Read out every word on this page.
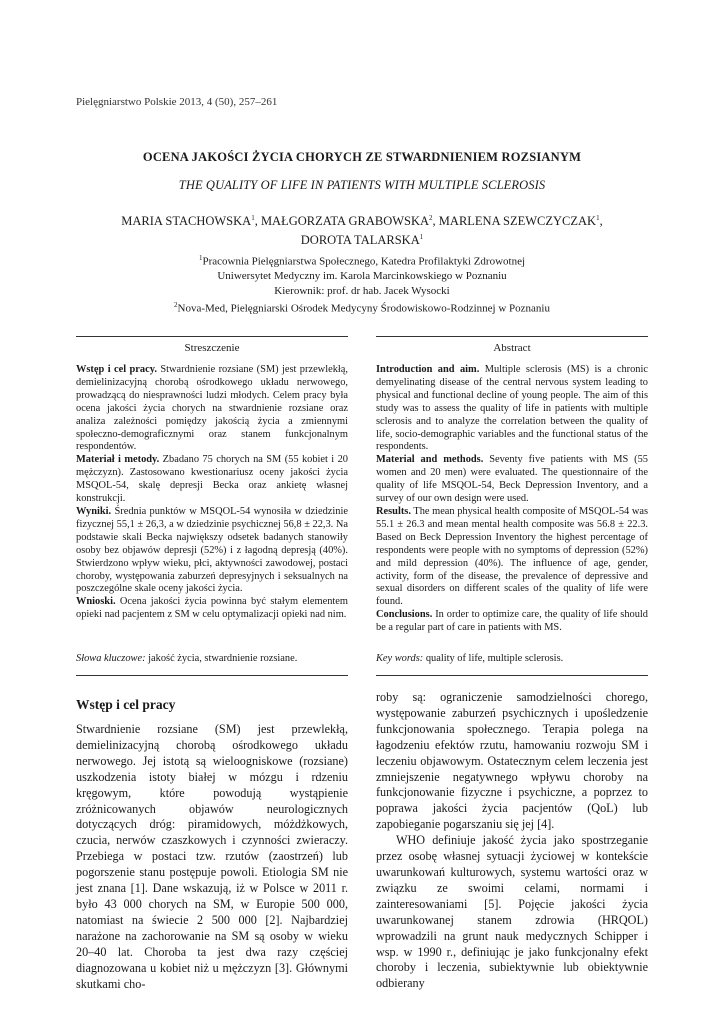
Pielęgniarstwo Polskie 2013, 4 (50), 257–261
OCENA JAKOŚCI ŻYCIA CHORYCH ZE STWARDNIENIEM ROZSIANYM
THE QUALITY OF LIFE IN PATIENTS WITH MULTIPLE SCLEROSIS
MARIA STACHOWSKA$^1$, MAŁGORZATA GRABOWSKA$^2$, MARLENA SZEWCZYCZAK$^1$,
DOROTA TALARSKA$^1$
$^1$Pracownia Pielęgniarstwa Społecznego, Katedra Profilaktyki Zdrowotnej
Uniwersytet Medyczny im. Karola Marcinkowskiego w Poznaniu
Kierownik: prof. dr hab. Jacek Wysocki
$^2$Nova-Med, Pielęgniarski Ośrodek Medycyny Środowiskowo-Rodzinnej w Poznaniu
Streszczenie	Abstract

Wstęp i cel pracy. Stwardnienie rozsiane (SM) jest przewlekłą, demielinizacyjną chorobą ośrodkowego układu nerwowego, prowadzącą do niesprawności ludzi młodych. Celem pracy była ocena jakości życia chorych na stwardnienie rozsiane oraz analiza zależności pomiędzy jakością życia a zmiennymi społeczno-demograficznymi oraz stanem funkcjonalnym respondentów.

Materiał i metody. Zbadano 75 chorych na SM (55 kobiet i 20 mężczyzn). Zastosowano kwestionariusz oceny jakości życia MSQOL-54, skalę depresji Becka oraz ankietę własnej konstrukcji.

Wyniki. Średnia punktów w MSQOL-54 wynosiła w dziedzinie fizycznej 55,1 ± 26,3, a w dziedzinie psychicznej 56,8 ± 22,3. Na podstawie skali Becka największy odsetek badanych stanowiły osoby bez objawów depresji (52%) i z łagodną depresją (40%). Stwierdzono wpływ wieku, płci, aktywności zawodowej, postaci choroby, występowania zaburzeń depresyjnych i seksualnych na poszczególne skale oceny jakości życia.

Wnioski. Ocena jakości życia powinna być stałym elementem opieki nad pacjentem z SM w celu optymalizacji opieki nad nim.

Introduction and aim. Multiple sclerosis (MS) is a chronic demyelinating disease of the central nervous system leading to physical and functional decline of young people. The aim of this study was to assess the quality of life in patients with multiple sclerosis and to analyze the correlation between the quality of life, socio-demographic variables and the functional status of the respondents.

Material and methods. Seventy five patients with MS (55 women and 20 men) were evaluated. The questionnaire of the quality of life MSQOL-54, Beck Depression Inventory, and a survey of our own design were used.

Results. The mean physical health composite of MSQOL-54 was 55.1 ± 26.3 and mean mental health composite was 56.8 ± 22.3. Based on Beck Depression Inventory the highest percentage of respondents were people with no symptoms of depression (52%) and mild depression (40%). The influence of age, gender, activity, form of the disease, the prevalence of depressive and sexual disorders on different scales of the quality of life were found.

Conclusions. In order to optimize care, the quality of life should be a regular part of care in patients with MS.

Słowa kluczowe: jakość życia, stwardnienie rozsiane.	Key words: quality of life, multiple sclerosis.
Wstęp i cel pracy

Stwardnienie rozsiane (SM) jest przewlekłą, demielinizacyjną chorobą ośrodkowego układu nerwowego. Jej istotą są wieloogniskowe (rozsiane) uszkodzenia istoty białej w mózgu i rdzeniu kręgowym, które powodują wystąpienie zróżnicowanych objawów neurologicznych dotyczących dróg: piramidowych, móżdżkowych, czucia, nerwów czaszkowych i czynności zwieraczy. Przebiega w postaci tzw. rzutów (zaostrzeń) lub pogorszenie stanu postępuje powoli. Etiologia SM nie jest znana [1]. Dane wskazują, iż w Polsce w 2011 r. było 43 000 chorych na SM, w Europie 500 000, natomiast na świecie 2 500 000 [2]. Najbardziej narażone na zachorowanie na SM są osoby w wieku 20–40 lat. Choroba ta jest dwa razy częściej diagnozowana u kobiet niż u mężczyzn [3]. Głównymi skutkami cho-

roby są: ograniczenie samodzielności chorego, występowanie zaburzeń psychicznych i upośledzenie funkcjonowania społecznego. Terapia polega na łagodzeniu efektów rzutu, hamowaniu rozwoju SM i leczeniu objawowym. Ostatecznym celem leczenia jest zmniejszenie negatywnego wpływu choroby na funkcjonowanie fizyczne i psychiczne, a poprzez to poprawa jakości życia pacjentów (QoL) lub zapobieganie pogarszaniu się jej [4].

WHO definiuje jakość życia jako spostrzeganie przez osobę własnej sytuacji życiowej w kontekście uwarunkowań kulturowych, systemu wartości oraz w związku ze swoimi celami, normami i zainteresowaniami [5]. Pojęcie jakości życia uwarunkowanej stanem zdrowia (HRQOL) wprowadzili na grunt nauk medycznych Schipper i wsp. w 1990 r., definiując je jako funkcjonalny efekt choroby i leczenia, subiektywnie lub obiektywnie odbierany
